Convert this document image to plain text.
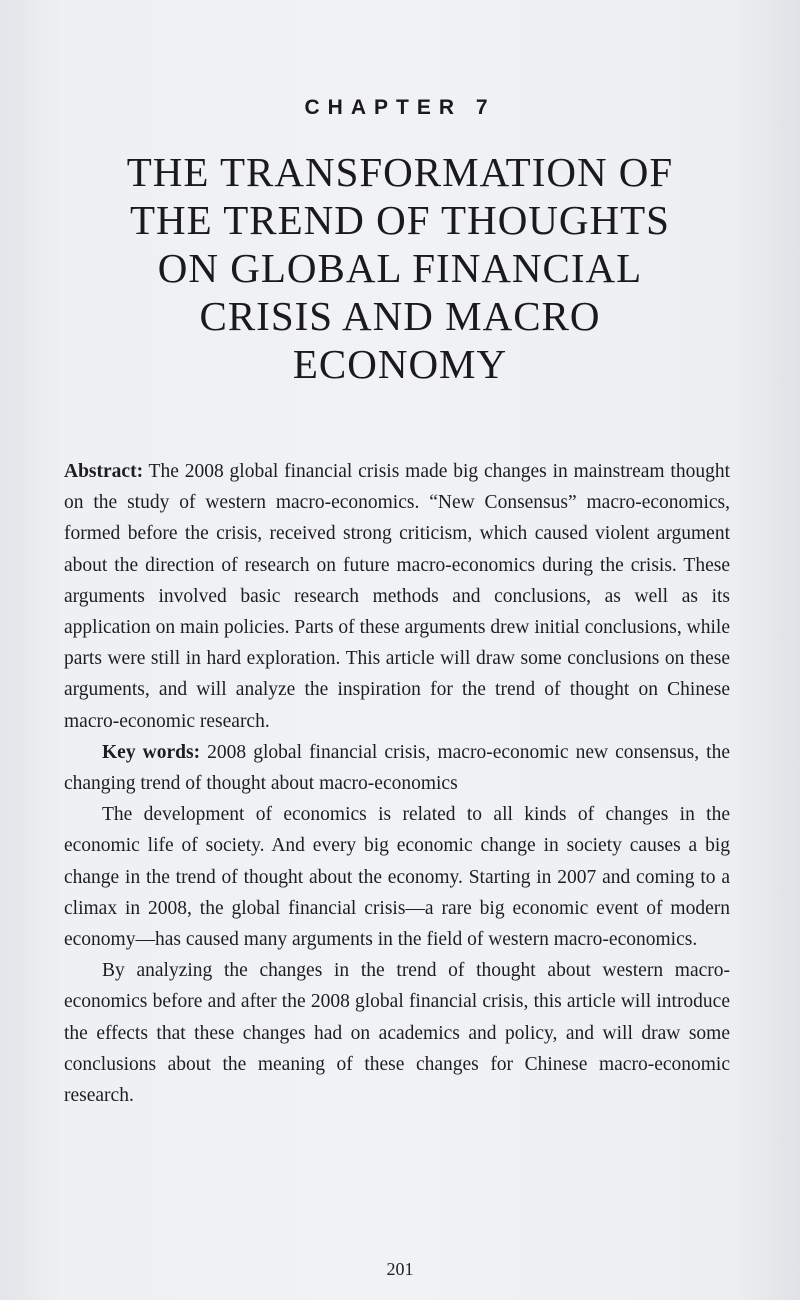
CHAPTER 7
THE TRANSFORMATION OF
THE TREND OF THOUGHTS
ON GLOBAL FINANCIAL
CRISIS AND MACRO
ECONOMY

Abstract: The 2008 global financial crisis made big changes in mainstream thought on the study of western macro-economics. “New Consensus” macro-economics, formed before the crisis, received strong criticism, which caused violent argument about the direction of research on future macro-economics during the crisis. These arguments involved basic research methods and conclusions, as well as its application on main policies. Parts of these arguments drew initial conclusions, while parts were still in hard exploration. This article will draw some conclusions on these arguments, and will analyze the inspiration for the trend of thought on Chinese macro-economic research.

Key words: 2008 global financial crisis, macro-economic new consensus, the changing trend of thought about macro-economics

The development of economics is related to all kinds of changes in the economic life of society. And every big economic change in society causes a big change in the trend of thought about the economy. Starting in 2007 and coming to a climax in 2008, the global financial crisis—a rare big economic event of modern economy—has caused many arguments in the field of western macro-economics.

By analyzing the changes in the trend of thought about western macro-economics before and after the 2008 global financial crisis, this article will introduce the effects that these changes had on academics and policy, and will draw some conclusions about the meaning of these changes for Chinese macro-economic research.

201
